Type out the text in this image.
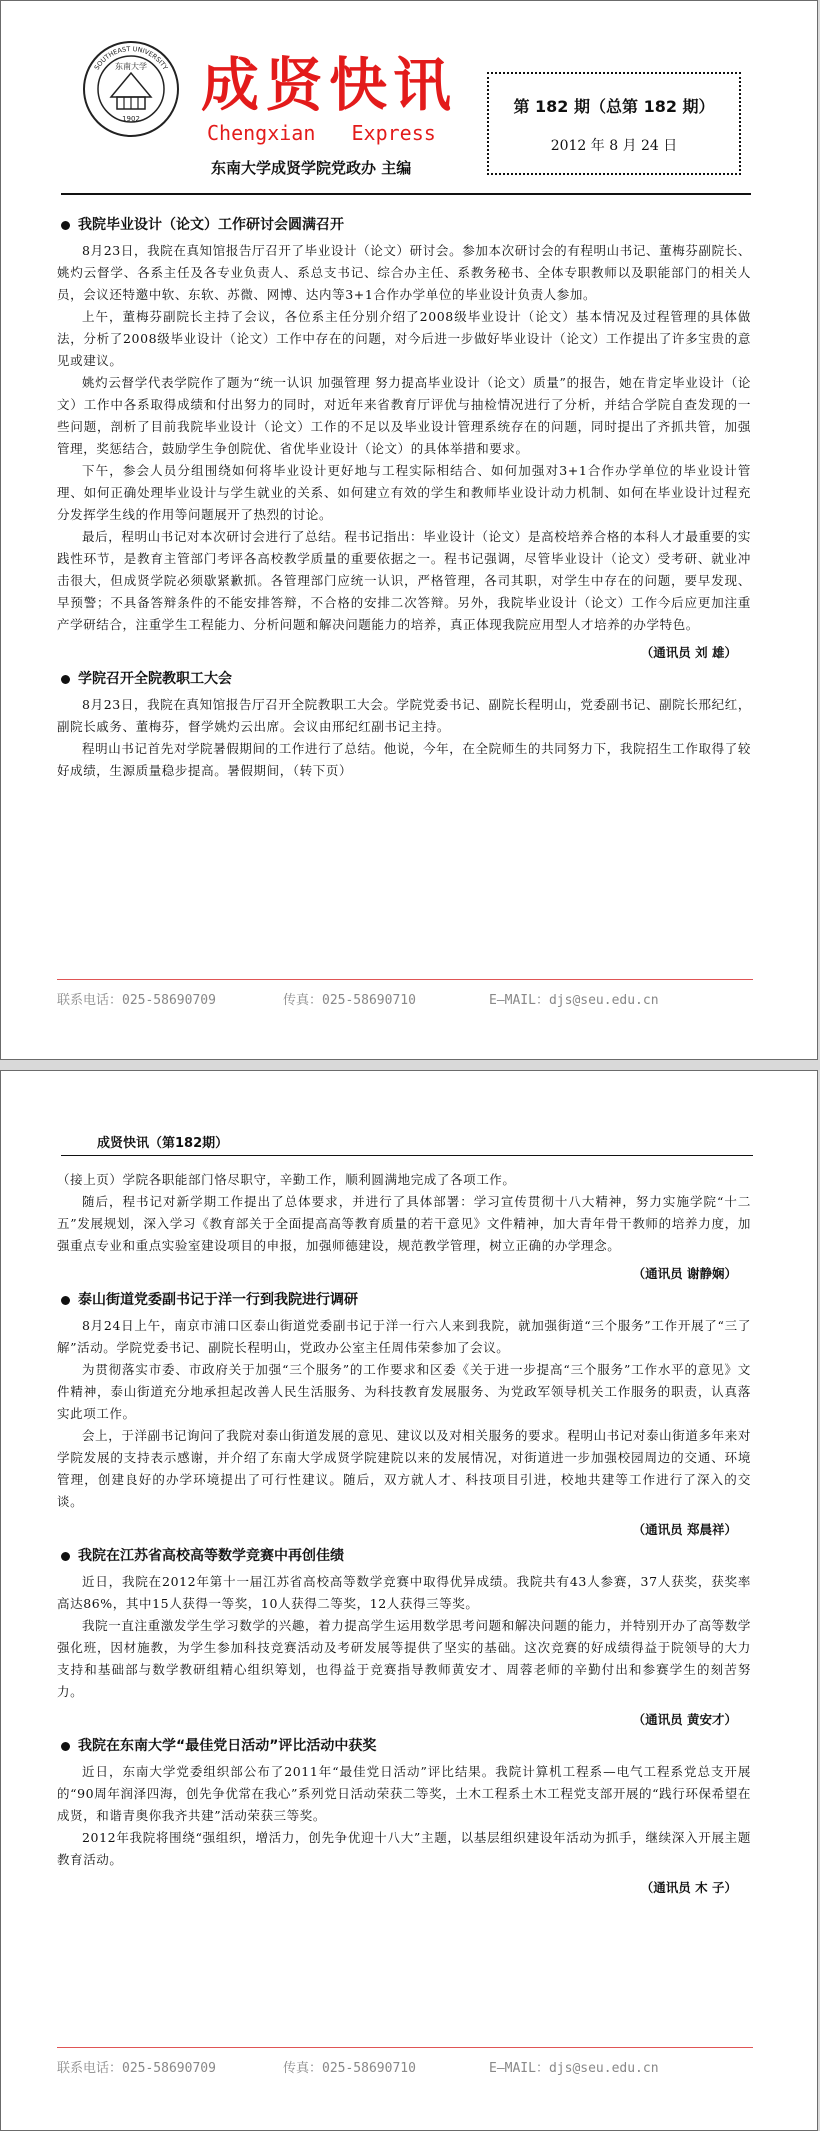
东南大学
1902
SOUTHEAST UNIVERSITY 成贤快讯
Chengxian   Express
东南大学成贤学院党政办 主编
第 182 期（总第 182 期）
2012 年 8 月 24 日
我院毕业设计（论文）工作研讨会圆满召开

8月23日，我院在真知馆报告厅召开了毕业设计（论文）研讨会。参加本次研讨会的有程明山书记、董梅芬副院长、姚灼云督学、各系主任及各专业负责人、系总支书记、综合办主任、系教务秘书、全体专职教师以及职能部门的相关人员，会议还特邀中软、东软、苏微、网博、达内等3+1合作办学单位的毕业设计负责人参加。

上午，董梅芬副院长主持了会议，各位系主任分别介绍了2008级毕业设计（论文）基本情况及过程管理的具体做法，分析了2008级毕业设计（论文）工作中存在的问题，对今后进一步做好毕业设计（论文）工作提出了许多宝贵的意见或建议。

姚灼云督学代表学院作了题为“统一认识 加强管理 努力提高毕业设计（论文）质量”的报告，她在肯定毕业设计（论文）工作中各系取得成绩和付出努力的同时，对近年来省教育厅评优与抽检情况进行了分析，并结合学院自查发现的一些问题，剖析了目前我院毕业设计（论文）工作的不足以及毕业设计管理系统存在的问题，同时提出了齐抓共管，加强管理，奖惩结合，鼓励学生争创院优、省优毕业设计（论文）的具体举措和要求。

下午，参会人员分组围绕如何将毕业设计更好地与工程实际相结合、如何加强对3+1合作办学单位的毕业设计管理、如何正确处理毕业设计与学生就业的关系、如何建立有效的学生和教师毕业设计动力机制、如何在毕业设计过程充分发挥学生线的作用等问题展开了热烈的讨论。

最后，程明山书记对本次研讨会进行了总结。程书记指出：毕业设计（论文）是高校培养合格的本科人才最重要的实践性环节，是教育主管部门考评各高校教学质量的重要依据之一。程书记强调，尽管毕业设计（论文）受考研、就业冲击很大，但成贤学院必须歇紧歉抓。各管理部门应统一认识，严格管理，各司其职，对学生中存在的问题，要早发现、早预警；不具备答辩条件的不能安排答辩，不合格的安排二次答辩。另外，我院毕业设计（论文）工作今后应更加注重产学研结合，注重学生工程能力、分析问题和解决问题能力的培养，真正体现我院应用型人才培养的办学特色。

（通讯员 刘 雄）
学院召开全院教职工大会

8月23日，我院在真知馆报告厅召开全院教职工大会。学院党委书记、副院长程明山，党委副书记、副院长邢纪红，副院长戚务、董梅芬，督学姚灼云出席。会议由邢纪红副书记主持。

程明山书记首先对学院暑假期间的工作进行了总结。他说，今年，在全院师生的共同努力下，我院招生工作取得了较好成绩，生源质量稳步提高。暑假期间，（转下页）

联系电话：025-58690709	传真：025-58690710	E—MAIL：djs@seu.edu.cn
成贤快讯（第182期）

（接上页）学院各职能部门恪尽职守，辛勤工作，顺利圆满地完成了各项工作。

随后，程书记对新学期工作提出了总体要求，并进行了具体部署：学习宣传贯彻十八大精神，努力实施学院“十二五”发展规划，深入学习《教育部关于全面提高高等教育质量的若干意见》文件精神，加大青年骨干教师的培养力度，加强重点专业和重点实验室建设项目的申报，加强师德建设，规范教学管理，树立正确的办学理念。

（通讯员 谢静娴）
泰山街道党委副书记于洋一行到我院进行调研

8月24日上午，南京市浦口区泰山街道党委副书记于洋一行六人来到我院，就加强街道“三个服务”工作开展了“三了解”活动。学院党委书记、副院长程明山，党政办公室主任周伟荣参加了会议。

为贯彻落实市委、市政府关于加强“三个服务”的工作要求和区委《关于进一步提高“三个服务”工作水平的意见》文件精神，泰山街道充分地承担起改善人民生活服务、为科技教育发展服务、为党政军领导机关工作服务的职责，认真落实此项工作。

会上，于洋副书记询问了我院对泰山街道发展的意见、建议以及对相关服务的要求。程明山书记对泰山街道多年来对学院发展的支持表示感谢，并介绍了东南大学成贤学院建院以来的发展情况，对街道进一步加强校园周边的交通、环境管理，创建良好的办学环境提出了可行性建议。随后，双方就人才、科技项目引进，校地共建等工作进行了深入的交谈。

（通讯员 郑晨祥）
我院在江苏省高校高等数学竞赛中再创佳绩

近日，我院在2012年第十一届江苏省高校高等数学竞赛中取得优异成绩。我院共有43人参赛，37人获奖，获奖率高达86%，其中15人获得一等奖，10人获得二等奖，12人获得三等奖。

我院一直注重激发学生学习数学的兴趣，着力提高学生运用数学思考问题和解决问题的能力，并特别开办了高等数学强化班，因材施教，为学生参加科技竞赛活动及考研发展等提供了坚实的基础。这次竞赛的好成绩得益于院领导的大力支持和基础部与数学教研组精心组织筹划，也得益于竞赛指导教师黄安才、周蓉老师的辛勤付出和参赛学生的刻苦努力。

（通讯员 黄安才）
我院在东南大学“最佳党日活动”评比活动中获奖

近日，东南大学党委组织部公布了2011年“最佳党日活动”评比结果。我院计算机工程系—电气工程系党总支开展的“90周年润泽四海，创先争优常在我心”系列党日活动荣获二等奖，土木工程系土木工程党支部开展的“践行环保希望在成贤，和谐青奥你我齐共建”活动荣获三等奖。

2012年我院将围绕“强组织，增活力，创先争优迎十八大”主题，以基层组织建设年活动为抓手，继续深入开展主题教育活动。

（通讯员 木 子）
联系电话：025-58690709	传真：025-58690710	E—MAIL：djs@seu.edu.cn
